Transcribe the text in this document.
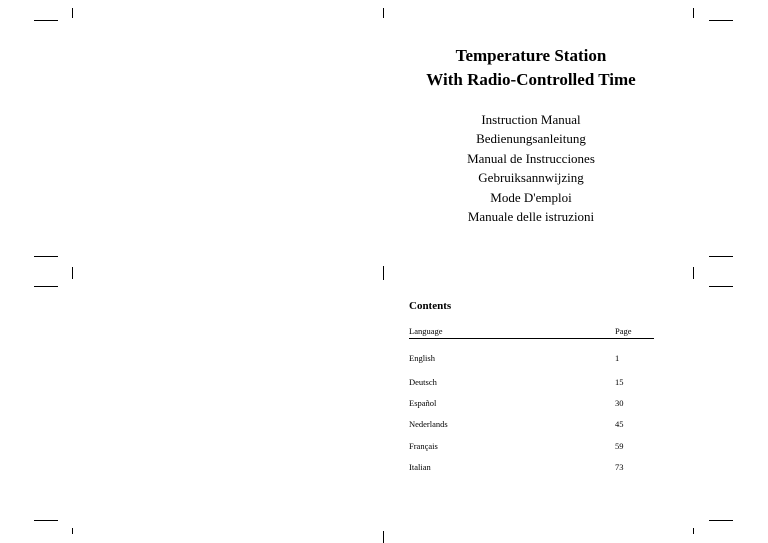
Temperature Station
With Radio-Controlled Time
Instruction Manual
Bedienungsanleitung
Manual de Instrucciones
Gebruiksannwijzing
Mode D'emploi
Manuale delle istruzioni
Contents
Language	Page
English	1
Deutsch	15
Español	30
Nederlands	45
Français	59
Italian	73
